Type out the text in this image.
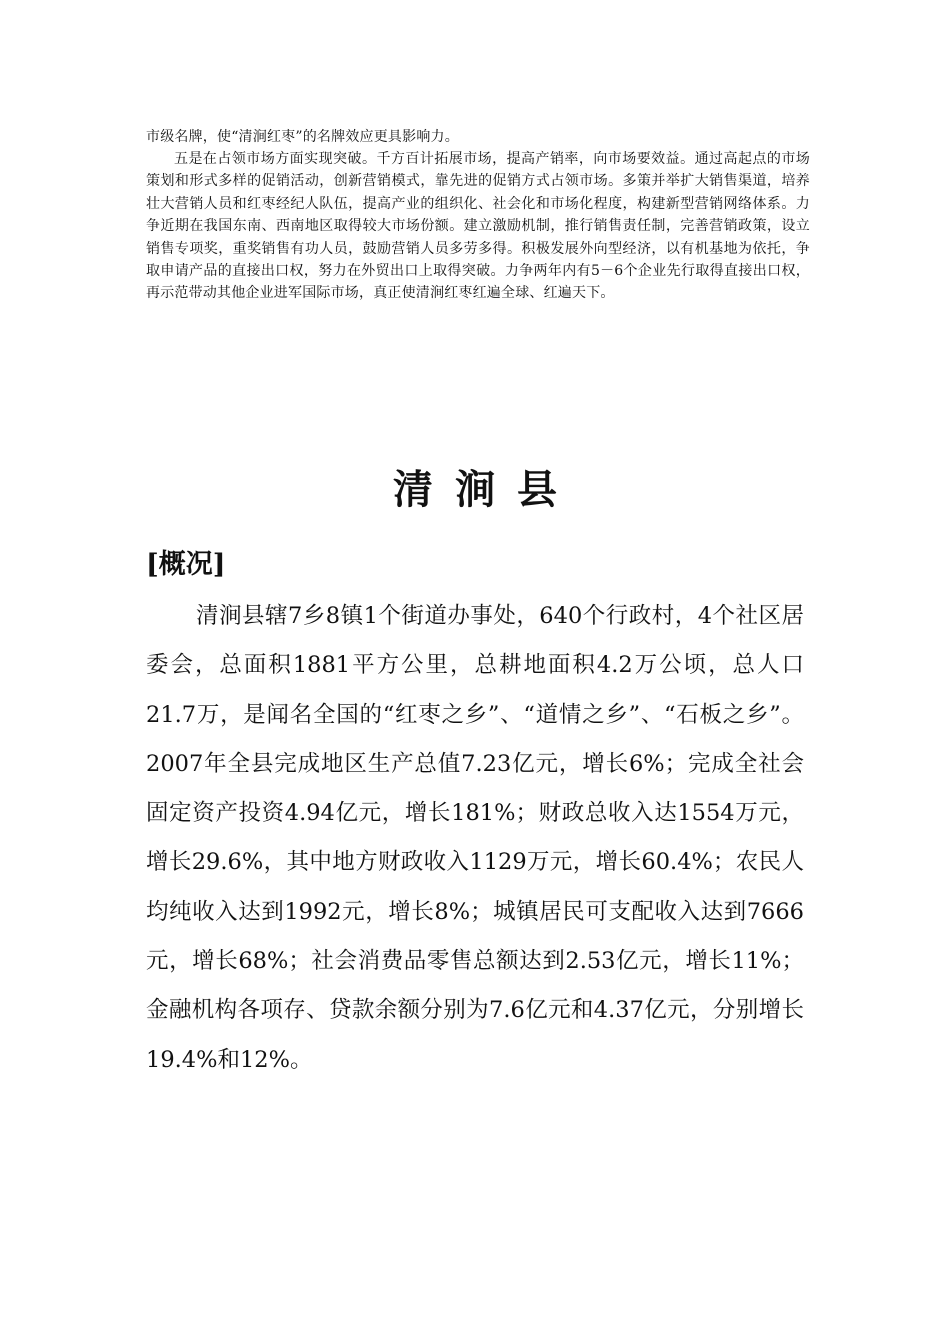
市级名牌，使“清涧红枣”的名牌效应更具影响力。

五是在占领市场方面实现突破。千方百计拓展市场，提高产销率，向市场要效益。通过高起点的市场策划和形式多样的促销活动，创新营销模式，靠先进的促销方式占领市场。多策并举扩大销售渠道，培养壮大营销人员和红枣经纪人队伍，提高产业的组织化、社会化和市场化程度，构建新型营销网络体系。力争近期在我国东南、西南地区取得较大市场份额。建立激励机制，推行销售责任制，完善营销政策，设立销售专项奖，重奖销售有功人员，鼓励营销人员多劳多得。积极发展外向型经济，以有机基地为依托，争取申请产品的直接出口权，努力在外贸出口上取得突破。力争两年内有5－6个企业先行取得直接出口权，再示范带动其他企业进军国际市场，真正使清涧红枣红遍全球、红遍天下。

清涧县
[概况]

清涧县辖7乡8镇1个街道办事处，640个行政村，4个社区居委会，总面积1881平方公里，总耕地面积4.2万公顷，总人口21.7万，是闻名全国的“红枣之乡”、“道情之乡”、“石板之乡”。2007年全县完成地区生产总值7.23亿元，增长6%；完成全社会固定资产投资4.94亿元，增长181%；财政总收入达1554万元，增长29.6%，其中地方财政收入1129万元，增长60.4%；农民人均纯收入达到1992元，增长8%；城镇居民可支配收入达到7666元，增长68%；社会消费品零售总额达到2.53亿元，增长11%；金融机构各项存、贷款余额分别为7.6亿元和4.37亿元，分别增长19.4%和12%。
